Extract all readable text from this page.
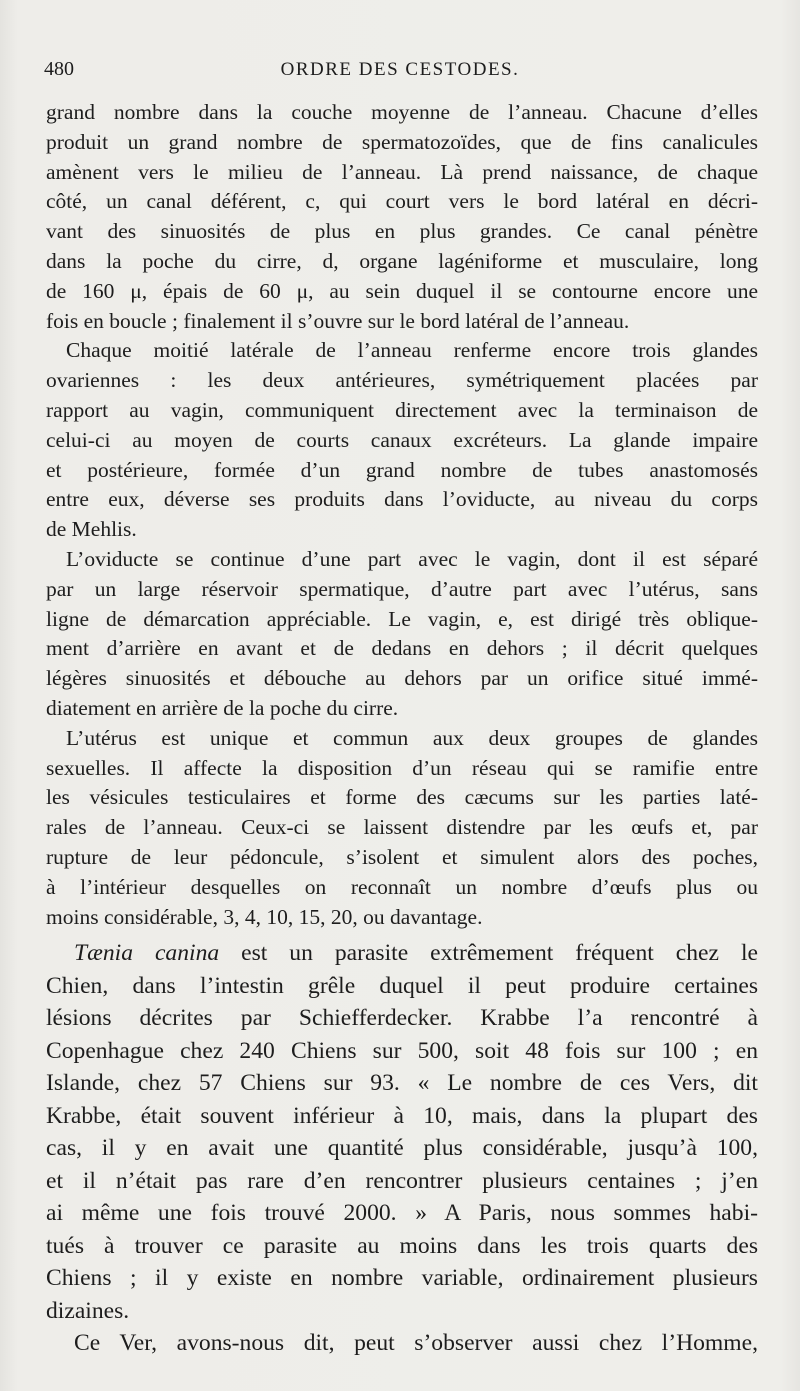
480	ORDRE DES CESTODES.
grand nombre dans la couche moyenne de l’anneau. Chacune d’elles
produit un grand nombre de spermatozoïdes, que de fins canalicules
amènent vers le milieu de l’anneau. Là prend naissance, de chaque
côté, un canal déférent, c, qui court vers le bord latéral en décri-
vant des sinuosités de plus en plus grandes. Ce canal pénètre
dans la poche du cirre, d, organe lagéniforme et musculaire, long
de 160 μ, épais de 60 μ, au sein duquel il se contourne encore une
fois en boucle ; finalement il s’ouvre sur le bord latéral de l’anneau.
Chaque moitié latérale de l’anneau renferme encore trois glandes
ovariennes : les deux antérieures, symétriquement placées par
rapport au vagin, communiquent directement avec la terminaison de
celui-ci au moyen de courts canaux excréteurs. La glande impaire
et postérieure, formée d’un grand nombre de tubes anastomosés
entre eux, déverse ses produits dans l’oviducte, au niveau du corps
de Mehlis.
L’oviducte se continue d’une part avec le vagin, dont il est séparé
par un large réservoir spermatique, d’autre part avec l’utérus, sans
ligne de démarcation appréciable. Le vagin, e, est dirigé très oblique-
ment d’arrière en avant et de dedans en dehors ; il décrit quelques
légères sinuosités et débouche au dehors par un orifice situé immé-
diatement en arrière de la poche du cirre.
L’utérus est unique et commun aux deux groupes de glandes
sexuelles. Il affecte la disposition d’un réseau qui se ramifie entre
les vésicules testiculaires et forme des cæcums sur les parties laté-
rales de l’anneau. Ceux-ci se laissent distendre par les œufs et, par
rupture de leur pédoncule, s’isolent et simulent alors des poches,
à l’intérieur desquelles on reconnaît un nombre d’œufs plus ou
moins considérable, 3, 4, 10, 15, 20, ou davantage.
Tænia canina est un parasite extrêmement fréquent chez le
Chien, dans l’intestin grêle duquel il peut produire certaines
lésions décrites par Schiefferdecker. Krabbe l’a rencontré à
Copenhague chez 240 Chiens sur 500, soit 48 fois sur 100 ; en
Islande, chez 57 Chiens sur 93. « Le nombre de ces Vers, dit
Krabbe, était souvent inférieur à 10, mais, dans la plupart des
cas, il y en avait une quantité plus considérable, jusqu’à 100,
et il n’était pas rare d’en rencontrer plusieurs centaines ; j’en
ai même une fois trouvé 2000. » A Paris, nous sommes habi-
tués à trouver ce parasite au moins dans les trois quarts des
Chiens ; il y existe en nombre variable, ordinairement plusieurs
dizaines.
Ce Ver, avons-nous dit, peut s’observer aussi chez l’Homme,
